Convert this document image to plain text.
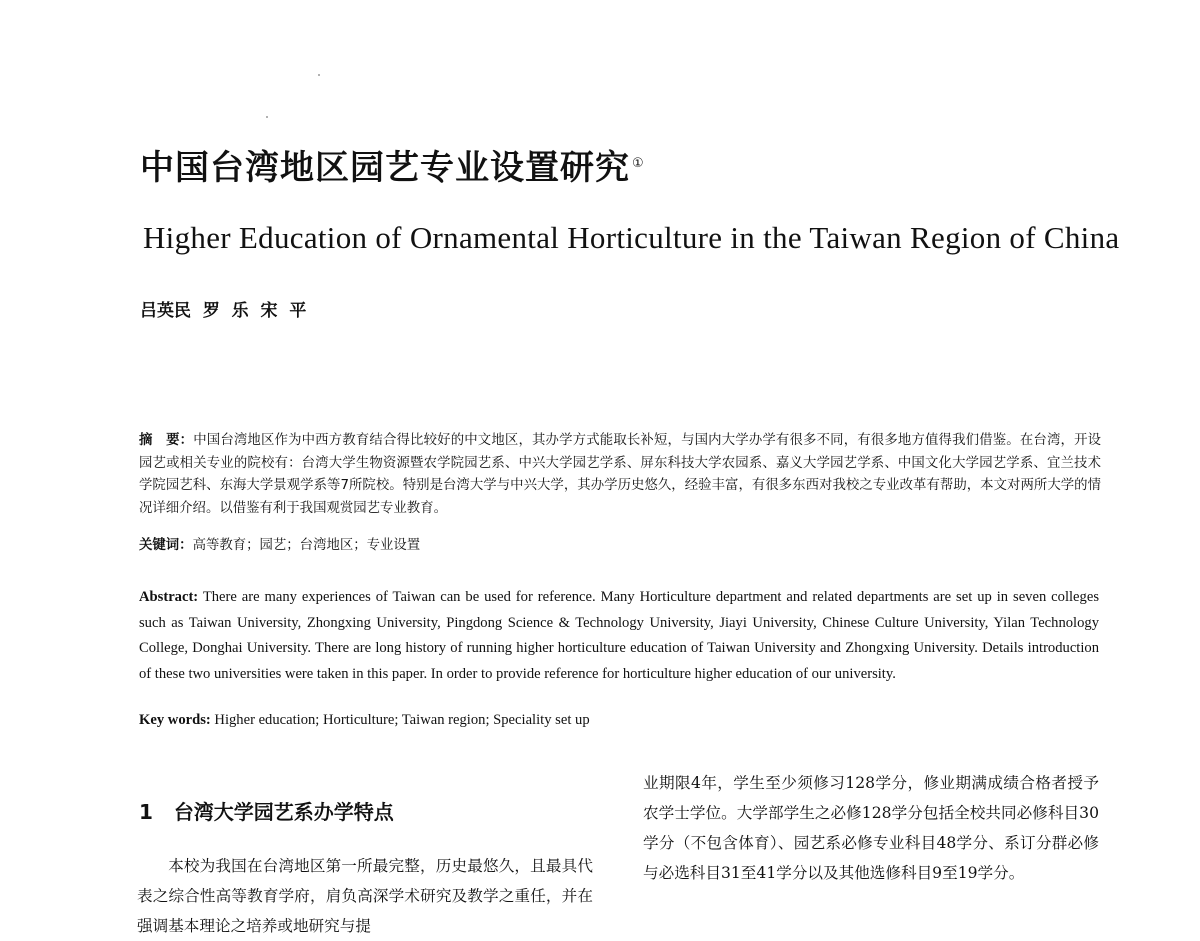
中国台湾地区园艺专业设置研究 ①
Higher Education of Ornamental Horticulture in the Taiwan Region of China
吕英民  罗  乐  宋  平
摘　要：中国台湾地区作为中西方教育结合得比较好的中文地区，其办学方式能取长补短，与国内大学办学有很多不同，有很多地方值得我们借鉴。在台湾，开设园艺或相关专业的院校有：台湾大学生物资源暨农学院园艺系、中兴大学园艺学系、屏东科技大学农园系、嘉义大学园艺学系、中国文化大学园艺学系、宜兰技术学院园艺科、东海大学景观学系等7所院校。特别是台湾大学与中兴大学，其办学历史悠久，经验丰富，有很多东西对我校之专业改革有帮助，本文对两所大学的情况详细介绍。以借鉴有利于我国观赏园艺专业教育。
关键词：高等教育；园艺；台湾地区；专业设置
Abstract: There are many experiences of Taiwan can be used for reference. Many Horticulture department and related departments are set up in seven colleges such as Taiwan University, Zhongxing University, Pingdong Science & Technology University, Jiayi University, Chinese Culture University, Yilan Technology College, Donghai University. There are long history of running higher horticulture education of Taiwan University and Zhongxing University. Details introduction of these two universities were taken in this paper. In order to provide reference for horticulture higher education of our university.
Key words: Higher education; Horticulture; Taiwan region; Speciality set up
1 台湾大学园艺系办学特点
本校为我国在台湾地区第一所最完整，历史最悠久，且最具代表之综合性高等教育学府，肩负高深学术研究及教学之重任，并在强调基本理论之培养或地研究与提
业期限4年，学生至少须修习128学分，修业期满成绩合格者授予农学士学位。大学部学生之必修128学分包括全校共同必修科目30学分（不包含体育）、园艺系必修专业科目48学分、系订分群必修与必选科目31至41学分以及其他选修科目9至19学分。
